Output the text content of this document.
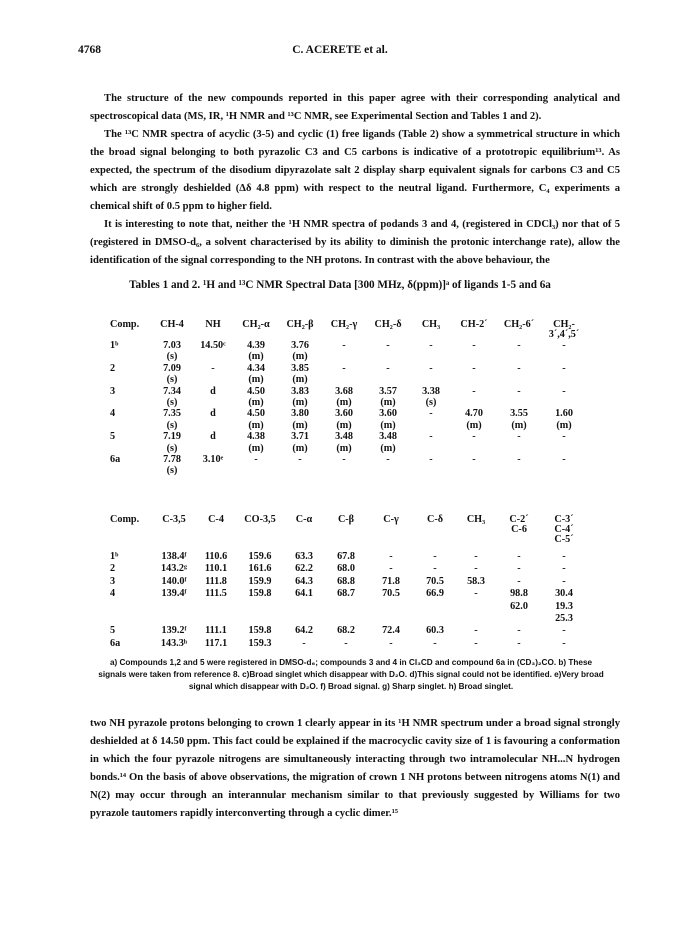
4768	C. ACERETE et al.

The structure of the new compounds reported in this paper agree with their corresponding analytical and spectroscopical data (MS, IR, ¹H NMR and ¹³C NMR, see Experimental Section and Tables 1 and 2).

The ¹³C NMR spectra of acyclic (3-5) and cyclic (1) free ligands (Table 2) show a symmetrical structure in which the broad signal belonging to both pyrazolic C3 and C5 carbons is indicative of a prototropic equilibrium¹³. As expected, the spectrum of the disodium dipyrazolate salt 2 display sharp equivalent signals for carbons C3 and C5 which are strongly deshielded (Δδ 4.8 ppm) with respect to the neutral ligand. Furthermore, C₄ experiments a chemical shift of 0.5 ppm to higher field.

It is interesting to note that, neither the ¹H NMR spectra of podands 3 and 4, (registered in CDCl₃) nor that of 5 (registered in DMSO-d₆, a solvent characterised by its ability to diminish the protonic interchange rate), allow the identification of the signal corresponding to the NH protons. In contrast with the above behaviour, the

Tables 1 and 2. ¹H and ¹³C NMR Spectral Data [300 MHz, δ(ppm)]ᵃ of ligands 1-5 and 6a
Comp.	CH-4	NH	CH₂-α	CH₂-β	CH₂-γ	CH₂-δ	CH₃	CH-2´	CH₂-6´	CH₂-
3´,4´,5´
1ᵇ	7.03	14.50ᶜ	4.39	3.76	-	-	-	-	-	-
	(s)		(m)	(m)						
2	7.09	-	4.34	3.85	-	-	-	-	-	-
	(s)		(m)	(m)						
3	7.34	d	4.50	3.83	3.68	3.57	3.38	-	-	-
	(s)		(m)	(m)	(m)	(m)	(s)			
4	7.35	d	4.50	3.80	3.60	3.60	-	4.70	3.55	1.60
	(s)		(m)	(m)	(m)	(m)		(m)	(m)	(m)
5	7.19	d	4.38	3.71	3.48	3.48	-	-	-	-
	(s)		(m)	(m)	(m)	(m)				
6a	7.78	3.10ᵉ	-	-	-	-	-	-	-	-
	(s)									
Comp.	C-3,5	C-4	CO-3,5	C-α	C-β	C-γ	C-δ	CH₃	C-2´
C-6	C-3´
C-4´
C-5´
1ᵇ	138.4ᶠ	110.6	159.6	63.3	67.8	-	-	-	-	-
2	143.2ᵍ	110.1	161.6	62.2	68.0	-	-	-	-	-
3	140.0ᶠ	111.8	159.9	64.3	68.8	71.8	70.5	58.3	-	-
4	139.4ᶠ	111.5	159.8	64.1	68.7	70.5	66.9	-	98.8	30.4
									62.0	19.3
										25.3
5	139.2ᶠ	111.1	159.8	64.2	68.2	72.4	60.3	-	-	-
6a	143.3ʰ	117.1	159.3	-	-	-	-	-	-	-
a) Compounds 1,2 and 5 were registered in DMSO-d₆; compounds 3 and 4 in Cl₃CD and compound 6a in (CD₃)₂CO. b) These signals were taken from reference 8. c)Broad singlet which disappear with D₂O. d)This signal could not be identified. e)Very broad signal which disappear with D₂O. f) Broad signal. g) Sharp singlet. h) Broad singlet.

two NH pyrazole protons belonging to crown 1 clearly appear in its ¹H NMR spectrum under a broad signal strongly deshielded at δ 14.50 ppm. This fact could be explained if the macrocyclic cavity size of 1 is favouring a conformation in which the four pyrazole nitrogens are simultaneously interacting through two intramolecular NH...N hydrogen bonds.¹⁴ On the basis of above observations, the migration of crown 1 NH protons between nitrogens atoms N(1) and N(2) may occur through an interannular mechanism similar to that previously suggested by Williams for two pyrazole tautomers rapidly interconverting through a cyclic dimer.¹⁵
